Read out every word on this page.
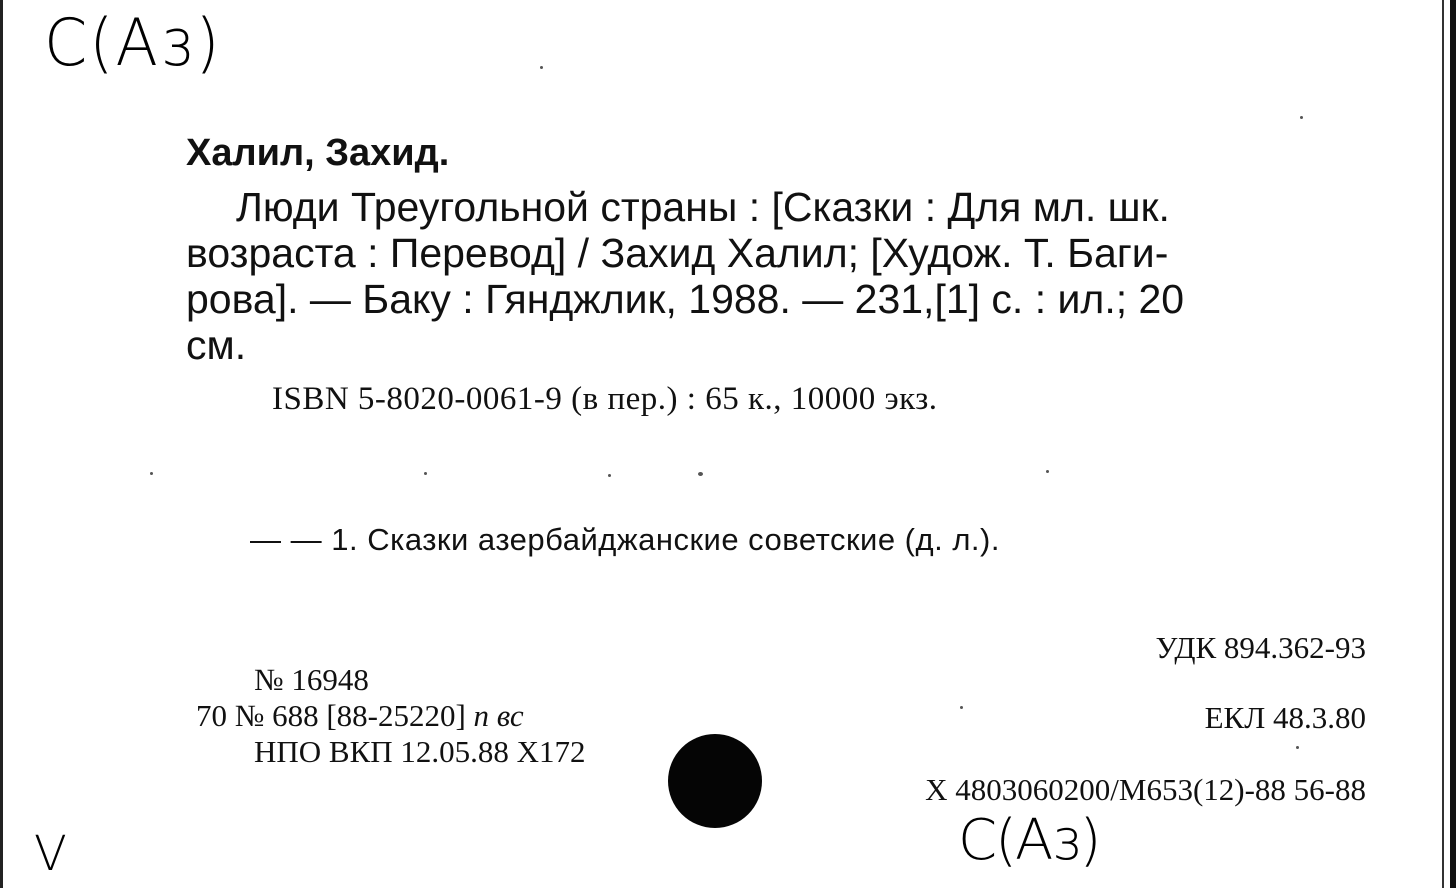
С(Аз)
Халил, Захид.
Люди Треугольной страны : [Сказки : Для мл. шк.
возраста : Перевод] / Захид Халил; [Худож. Т. Баги-
рова]. — Баку : Гянджлик, 1988. — 231,[1] с. : ил.; 20
см.
ISBN 5-8020-0061-9 (в пер.) : 65 к., 10000 экз.
— — 1. Сказки азербайджанские советские (д. л.).
№ 16948
70 № 688 [88-25220] п вс
НПО ВКП 12.05.88 X172
УДК 894.362-93
ЕКЛ 48.3.80
X 4803060200/М653(12)-88 56-88
С(Аз)
V
